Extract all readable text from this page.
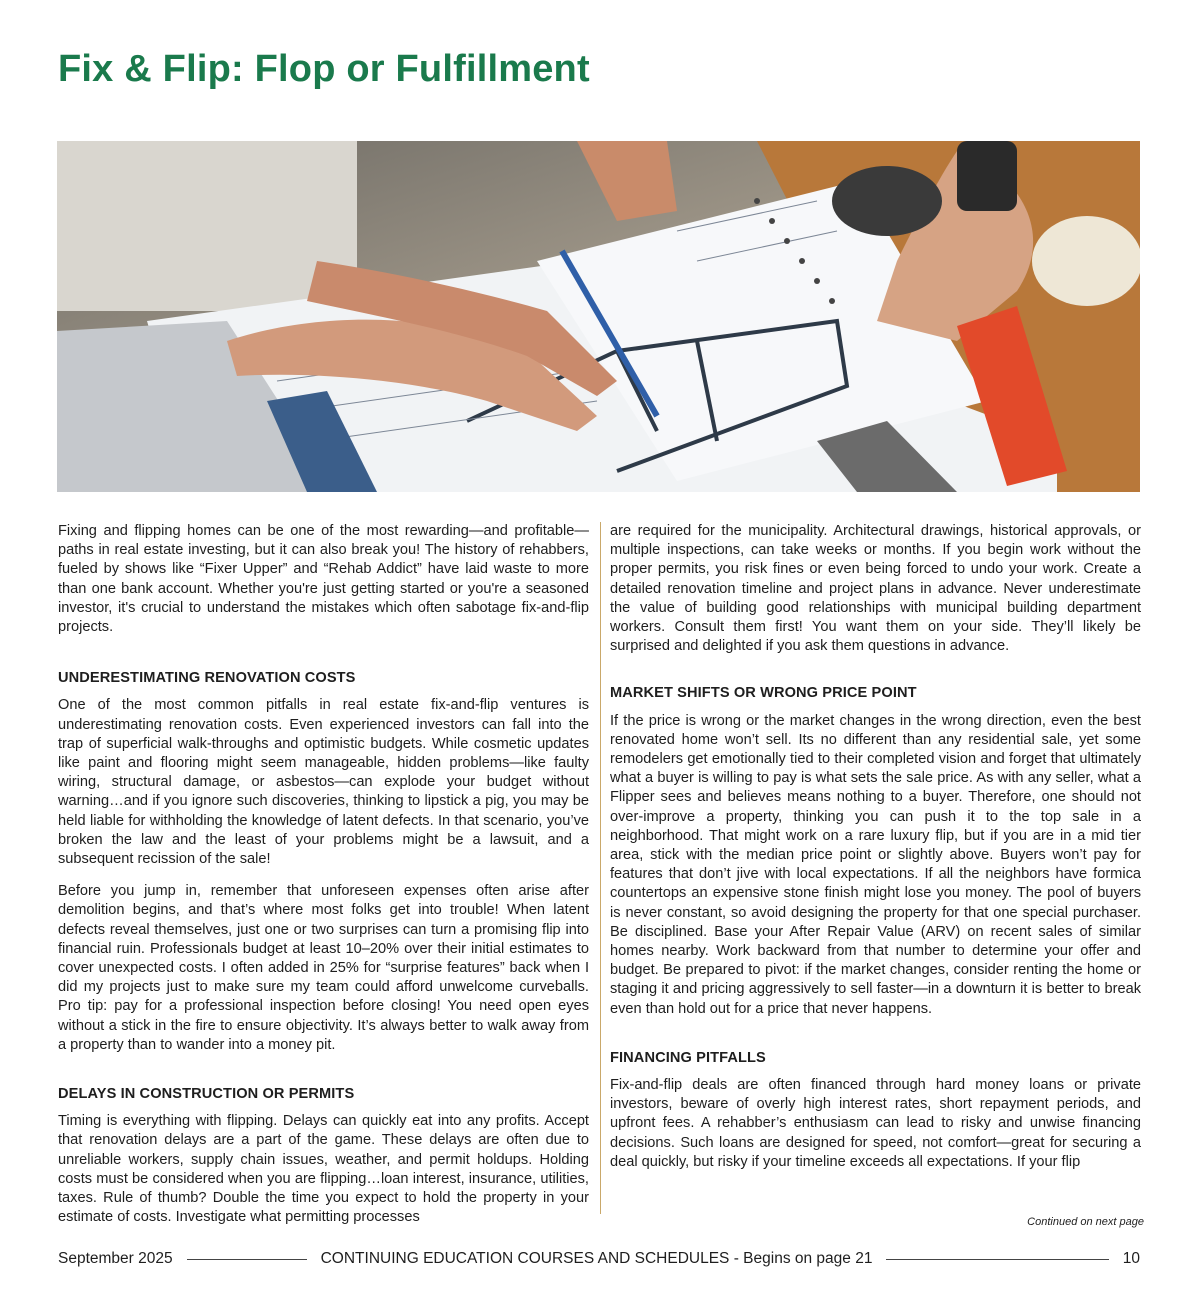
Fix & Flip: Flop or Fulfillment

Fixing and flipping homes can be one of the most rewarding—and profitable—paths in real estate investing, but it can also break you! The history of rehabbers, fueled by shows like “Fixer Upper” and “Rehab Addict” have laid waste to more than one bank account. Whether you're just getting started or you're a seasoned investor, it's crucial to understand the mistakes which often sabotage fix-and-flip projects.

UNDERESTIMATING RENOVATION COSTS

One of the most common pitfalls in real estate fix-and-flip ventures is underestimating renovation costs. Even experienced investors can fall into the trap of superficial walk-throughs and optimistic budgets. While cosmetic updates like paint and flooring might seem manageable, hidden problems—like faulty wiring, structural damage, or asbestos—can explode your budget without warning…and if you ignore such discoveries, thinking to lipstick a pig, you may be held liable for withholding the knowledge of latent defects. In that scenario, you’ve broken the law and the least of your problems might be a lawsuit, and a subsequent recission of the sale!

Before you jump in, remember that unforeseen expenses often arise after demolition begins, and that’s where most folks get into trouble! When latent defects reveal themselves, just one or two surprises can turn a promising flip into financial ruin. Professionals budget at least 10–20% over their initial estimates to cover unexpected costs. I often added in 25% for “surprise features” back when I did my projects just to make sure my team could afford unwelcome curveballs. Pro tip: pay for a professional inspection before closing! You need open eyes without a stick in the fire to ensure objectivity. It’s always better to walk away from a property than to wander into a money pit.

DELAYS IN CONSTRUCTION OR PERMITS

Timing is everything with flipping. Delays can quickly eat into any profits. Accept that renovation delays are a part of the game. These delays are often due to unreliable workers, supply chain issues, weather, and permit holdups. Holding costs must be considered when you are flipping…loan interest, insurance, utilities, taxes. Rule of thumb? Double the time you expect to hold the property in your estimate of costs. Investigate what permitting processes

are required for the municipality. Architectural drawings, historical approvals, or multiple inspections, can take weeks or months. If you begin work without the proper permits, you risk fines or even being forced to undo your work. Create a detailed renovation timeline and project plans in advance. Never underestimate the value of building good relationships with municipal building department workers. Consult them first! You want them on your side. They’ll likely be surprised and delighted if you ask them questions in advance.

MARKET SHIFTS OR WRONG PRICE POINT

If the price is wrong or the market changes in the wrong direction, even the best renovated home won’t sell. Its no different than any residential sale, yet some remodelers get emotionally tied to their completed vision and forget that ultimately what a buyer is willing to pay is what sets the sale price. As with any seller, what a Flipper sees and believes means nothing to a buyer. Therefore, one should not over-improve a property, thinking you can push it to the top sale in a neighborhood. That might work on a rare luxury flip, but if you are in a mid tier area, stick with the median price point or slightly above. Buyers won’t pay for features that don’t jive with local expectations. If all the neighbors have formica countertops an expensive stone finish might lose you money. The pool of buyers is never constant, so avoid designing the property for that one special purchaser. Be disciplined. Base your After Repair Value (ARV) on recent sales of similar homes nearby. Work backward from that number to determine your offer and budget. Be prepared to pivot: if the market changes, consider renting the home or staging it and pricing aggressively to sell faster—in a downturn it is better to break even than hold out for a price that never happens.

FINANCING PITFALLS

Fix-and-flip deals are often financed through hard money loans or private investors, beware of overly high interest rates, short repayment periods, and upfront fees. A rehabber’s enthusiasm can lead to risky and unwise financing decisions. Such loans are designed for speed, not comfort—great for securing a deal quickly, but risky if your timeline exceeds all expectations. If your flip

Continued on next page
September 2025	CONTINUING EDUCATION COURSES AND SCHEDULES - Begins on page 21	10
